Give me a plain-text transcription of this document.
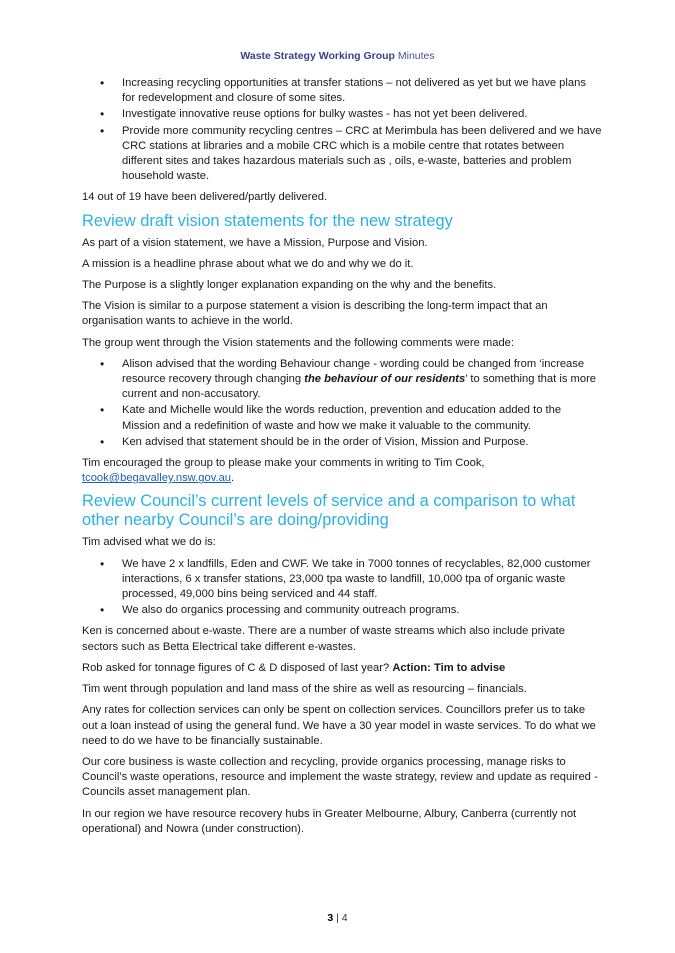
Waste Strategy Working Group Minutes
• Increasing recycling opportunities at transfer stations – not delivered as yet but we have plans for redevelopment and closure of some sites.
• Investigate innovative reuse options for bulky wastes - has not yet been delivered.
• Provide more community recycling centres – CRC at Merimbula has been delivered and we have CRC stations at libraries and a mobile CRC which is a mobile centre that rotates between different sites and takes hazardous materials such as , oils, e-waste, batteries and problem household waste.

14 out of 19 have been delivered/partly delivered.

Review draft vision statements for the new strategy

As part of a vision statement, we have a Mission, Purpose and Vision.

A mission is a headline phrase about what we do and why we do it.

The Purpose is a slightly longer explanation expanding on the why and the benefits.

The Vision is similar to a purpose statement a vision is describing the long-term impact that an organisation wants to achieve in the world.

The group went through the Vision statements and the following comments were made:

• Alison advised that the wording Behaviour change - wording could be changed from ‘increase resource recovery through changing the behaviour of our residents’ to something that is more current and non-accusatory.
• Kate and Michelle would like the words reduction, prevention and education added to the Mission and a redefinition of waste and how we make it valuable to the community.
• Ken advised that statement should be in the order of Vision, Mission and Purpose.

Tim encouraged the group to please make your comments in writing to Tim Cook,
tcook@begavalley.nsw.gov.au.

Review Council’s current levels of service and a comparison to what other nearby Council’s are doing/providing

Tim advised what we do is:

• We have 2 x landfills, Eden and CWF. We take in 7000 tonnes of recyclables, 82,000 customer interactions, 6 x transfer stations, 23,000 tpa waste to landfill, 10,000 tpa of organic waste processed, 49,000 bins being serviced and 44 staff.
• We also do organics processing and community outreach programs.

Ken is concerned about e-waste. There are a number of waste streams which also include private sectors such as Betta Electrical take different e-wastes.

Rob asked for tonnage figures of C & D disposed of last year? Action: Tim to advise

Tim went through population and land mass of the shire as well as resourcing – financials.

Any rates for collection services can only be spent on collection services. Councillors prefer us to take out a loan instead of using the general fund. We have a 30 year model in waste services. To do what we need to do we have to be financially sustainable.

Our core business is waste collection and recycling, provide organics processing, manage risks to Council’s waste operations, resource and implement the waste strategy, review and update as required - Councils asset management plan.

In our region we have resource recovery hubs in Greater Melbourne, Albury, Canberra (currently not operational) and Nowra (under construction).

3 | 4
